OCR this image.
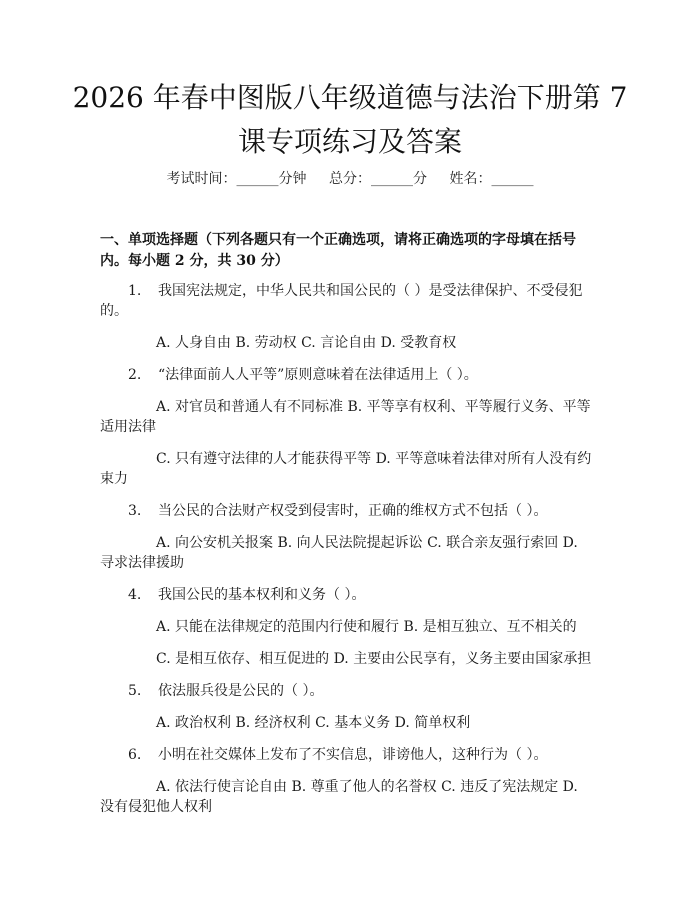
2026 年春中图版八年级道德与法治下册第 7
课专项练习及答案
考试时间：______分钟 总分：______分 姓名：______
一、单项选择题（下列各题只有一个正确选项，请将正确选项的字母填在括号
内。每小题 2 分，共 30 分）
1. 我国宪法规定，中华人民共和国公民的（ ）是受法律保护、不受侵犯
的。
A. 人身自由 B. 劳动权 C. 言论自由 D. 受教育权
2. “法律面前人人平等”原则意味着在法律适用上（ ）。
A. 对官员和普通人有不同标准 B. 平等享有权利、平等履行义务、平等
适用法律
C. 只有遵守法律的人才能获得平等 D. 平等意味着法律对所有人没有约
束力
3. 当公民的合法财产权受到侵害时，正确的维权方式不包括（ ）。
A. 向公安机关报案 B. 向人民法院提起诉讼 C. 联合亲友强行索回 D.
寻求法律援助
4. 我国公民的基本权利和义务（ ）。
A. 只能在法律规定的范围内行使和履行 B. 是相互独立、互不相关的
C. 是相互依存、相互促进的 D. 主要由公民享有，义务主要由国家承担
5. 依法服兵役是公民的（ ）。
A. 政治权利 B. 经济权利 C. 基本义务 D. 简单权利
6. 小明在社交媒体上发布了不实信息，诽谤他人，这种行为（ ）。
A. 依法行使言论自由 B. 尊重了他人的名誉权 C. 违反了宪法规定 D.
没有侵犯他人权利
